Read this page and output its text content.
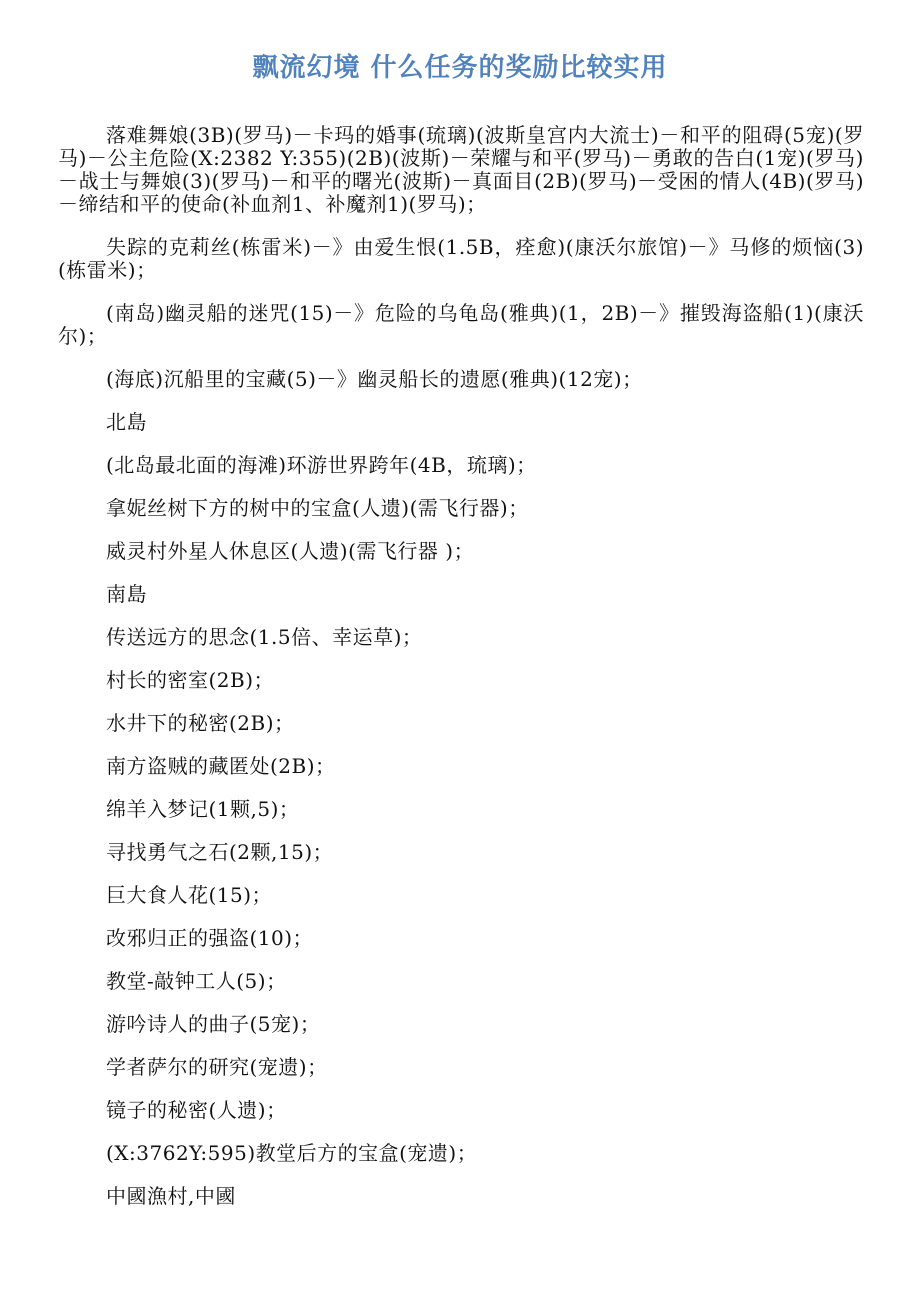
飘流幻境 什么任务的奖励比较实用

落难舞娘(3B)(罗马)－卡玛的婚事(琉璃)(波斯皇宫内大流士)－和平的阻碍(5宠)(罗马)－公主危险(X:2382 Y:355)(2B)(波斯)－荣耀与和平(罗马)－勇敢的告白(1宠)(罗马)－战士与舞娘(3)(罗马)－和平的曙光(波斯)－真面目(2B)(罗马)－受困的情人(4B)(罗马)－缔结和平的使命(补血剂1、补魔剂1)(罗马)；

失踪的克莉丝(栋雷米)－》由爱生恨(1.5B，痊愈)(康沃尔旅馆)－》马修的烦恼(3)(栋雷米)；

(南岛)幽灵船的迷咒(15)－》危险的乌龟岛(雅典)(1，2B)－》摧毁海盗船(1)(康沃尔)；

(海底)沉船里的宝藏(5)－》幽灵船长的遗愿(雅典)(12宠)；

北島

(北岛最北面的海滩)环游世界跨年(4B，琉璃)；

拿妮丝树下方的树中的宝盒(人遗)(需飞行器)；

威灵村外星人休息区(人遗)(需飞行器 )；

南島

传送远方的思念(1.5倍、幸运草)；

村长的密室(2B)；

水井下的秘密(2B)；

南方盗贼的藏匿处(2B)；

绵羊入梦记(1颗,5)；

寻找勇气之石(2颗,15)；

巨大食人花(15)；

改邪归正的强盗(10)；

教堂-敲钟工人(5)；

游吟诗人的曲子(5宠)；

学者萨尔的研究(宠遗)；

镜子的秘密(人遗)；

(X:3762Y:595)教堂后方的宝盒(宠遗)；

中國漁村,中國
